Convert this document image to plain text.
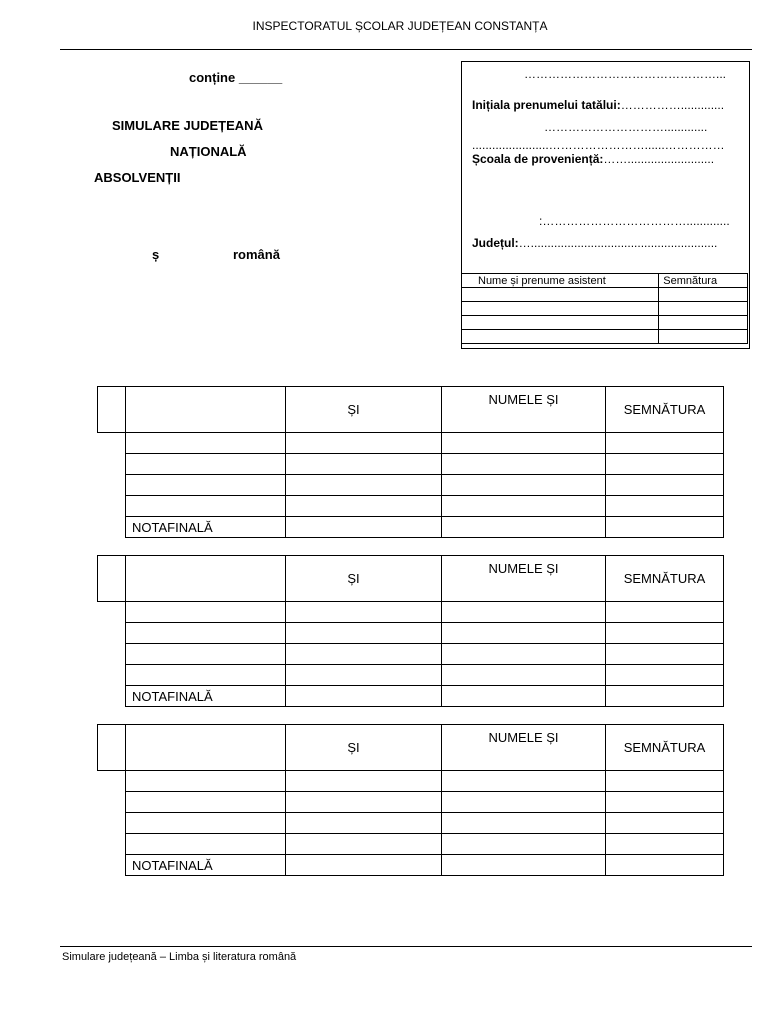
INSPECTORATUL ȘCOLAR JUDEȚEAN CONSTANȚA
conține ______
SIMULARE JUDEȚEANĂ
NAȚIONALĂ
ABSOLVENȚII
ș	română
…………………………………………...
Inițiala prenumelui tatălui:…………….............
………………………….............
.......................……………………......……………
Școala de proveniență:……..........................
:……………………………….............
Județul:…........................................................
Nume și prenume asistent	Semnătura

		ȘI	NUMELE ȘI	SEMNĂTURA

	NOTAFINALĂ			
		ȘI	NUMELE ȘI	SEMNĂTURA

	NOTAFINALĂ			
		ȘI	NUMELE ȘI	SEMNĂTURA

	NOTAFINALĂ			
Simulare județeană – Limba și literatura română
